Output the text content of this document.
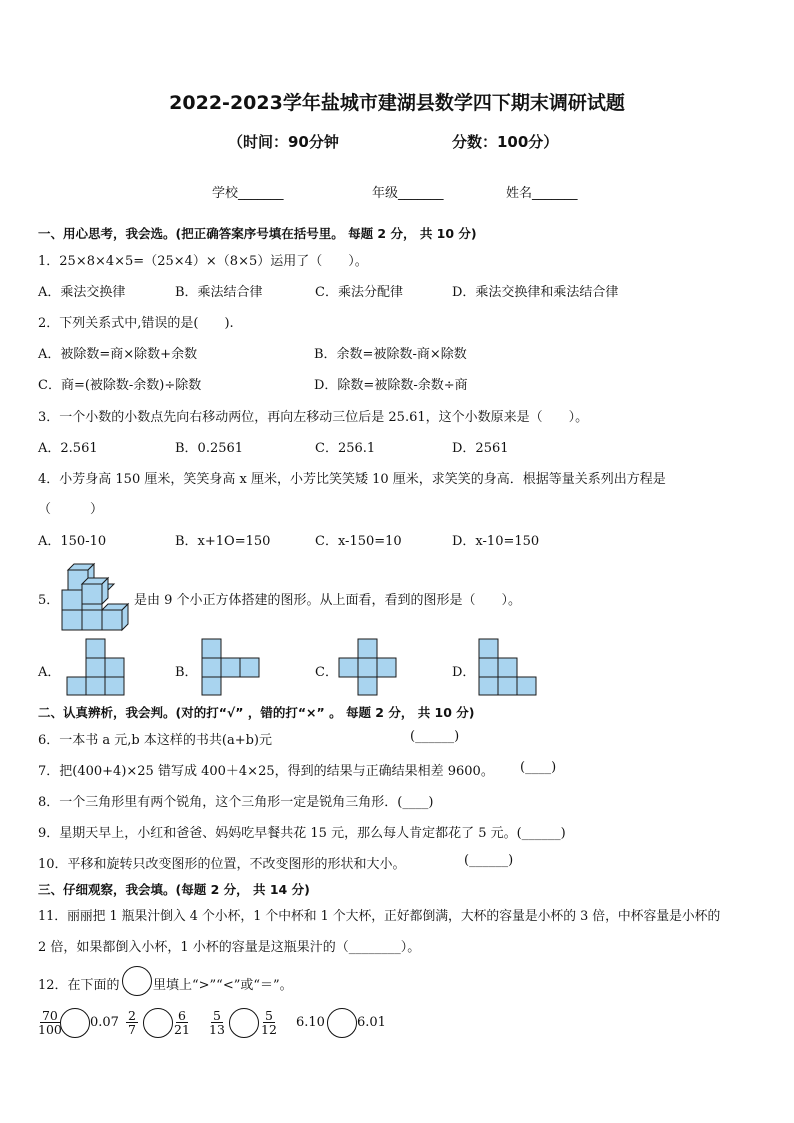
2022-2023学年盐城市建湖县数学四下期末调研试题
（时间：90分钟	分数：100分）
学校_______	年级_______	姓名_______
一、用心思考，我会选。(把正确答案序号填在括号里。 每题 2 分， 共 10 分)
1．25×8×4×5=（25×4）×（8×5）运用了（　　）。
A．乘法交换律	B．乘法结合律	C．乘法分配律	D．乘法交换律和乘法结合律
2．下列关系式中,错误的是(　　).
A．被除数=商×除数+余数	B．余数=被除数-商×除数
C．商=(被除数-余数)÷除数	D．除数=被除数-余数÷商
3．一个小数的小数点先向右移动两位，再向左移动三位后是 25.61，这个小数原来是（　　）。
A．2.561	B．0.2561	C．256.1	D．2561
4．小芳身高 150 厘米，笑笑身高 x 厘米，小芳比笑笑矮 10 厘米，求笑笑的身高．根据等量关系列出方程是
（　　　）
A．150-10	B．x+1O=150	C．x-150=10	D．x-10=150
5．	是由 9 个小正方体搭建的图形。从上面看，看到的图形是（　　）。
A．	B．	C．	D．
二、认真辨析，我会判。(对的打“√” ，错的打“×” 。 每题 2 分， 共 10 分)
6．一本书 a 元,b 本这样的书共(a+b)元	(______)
7．把(400+4)×25 错写成 400＋4×25，得到的结果与正确结果相差 9600。 (____)
8．一个三角形里有两个锐角，这个三角形一定是锐角三角形．(____)
9．星期天早上，小红和爸爸、妈妈吃早餐共花 15 元，那么每人肯定都花了 5 元。(______)
10．平移和旋转只改变图形的位置，不改变图形的形状和大小。	(______)
三、仔细观察，我会填。(每题 2 分， 共 14 分)
11．丽丽把 1 瓶果汁倒入 4 个小杯，1 个中杯和 1 个大杯，正好都倒满，大杯的容量是小杯的 3 倍，中杯容量是小杯的
2 倍，如果都倒入小杯，1 小杯的容量是这瓶果汁的（________）。
12．在下面的	里填上“>”“<”或“＝”。
$\frac{70}{100} 0.07 \frac{2}{7}$	$\frac{6}{21} \frac{5}{13}$	$\frac{5}{12} 6.10$ 6.01
